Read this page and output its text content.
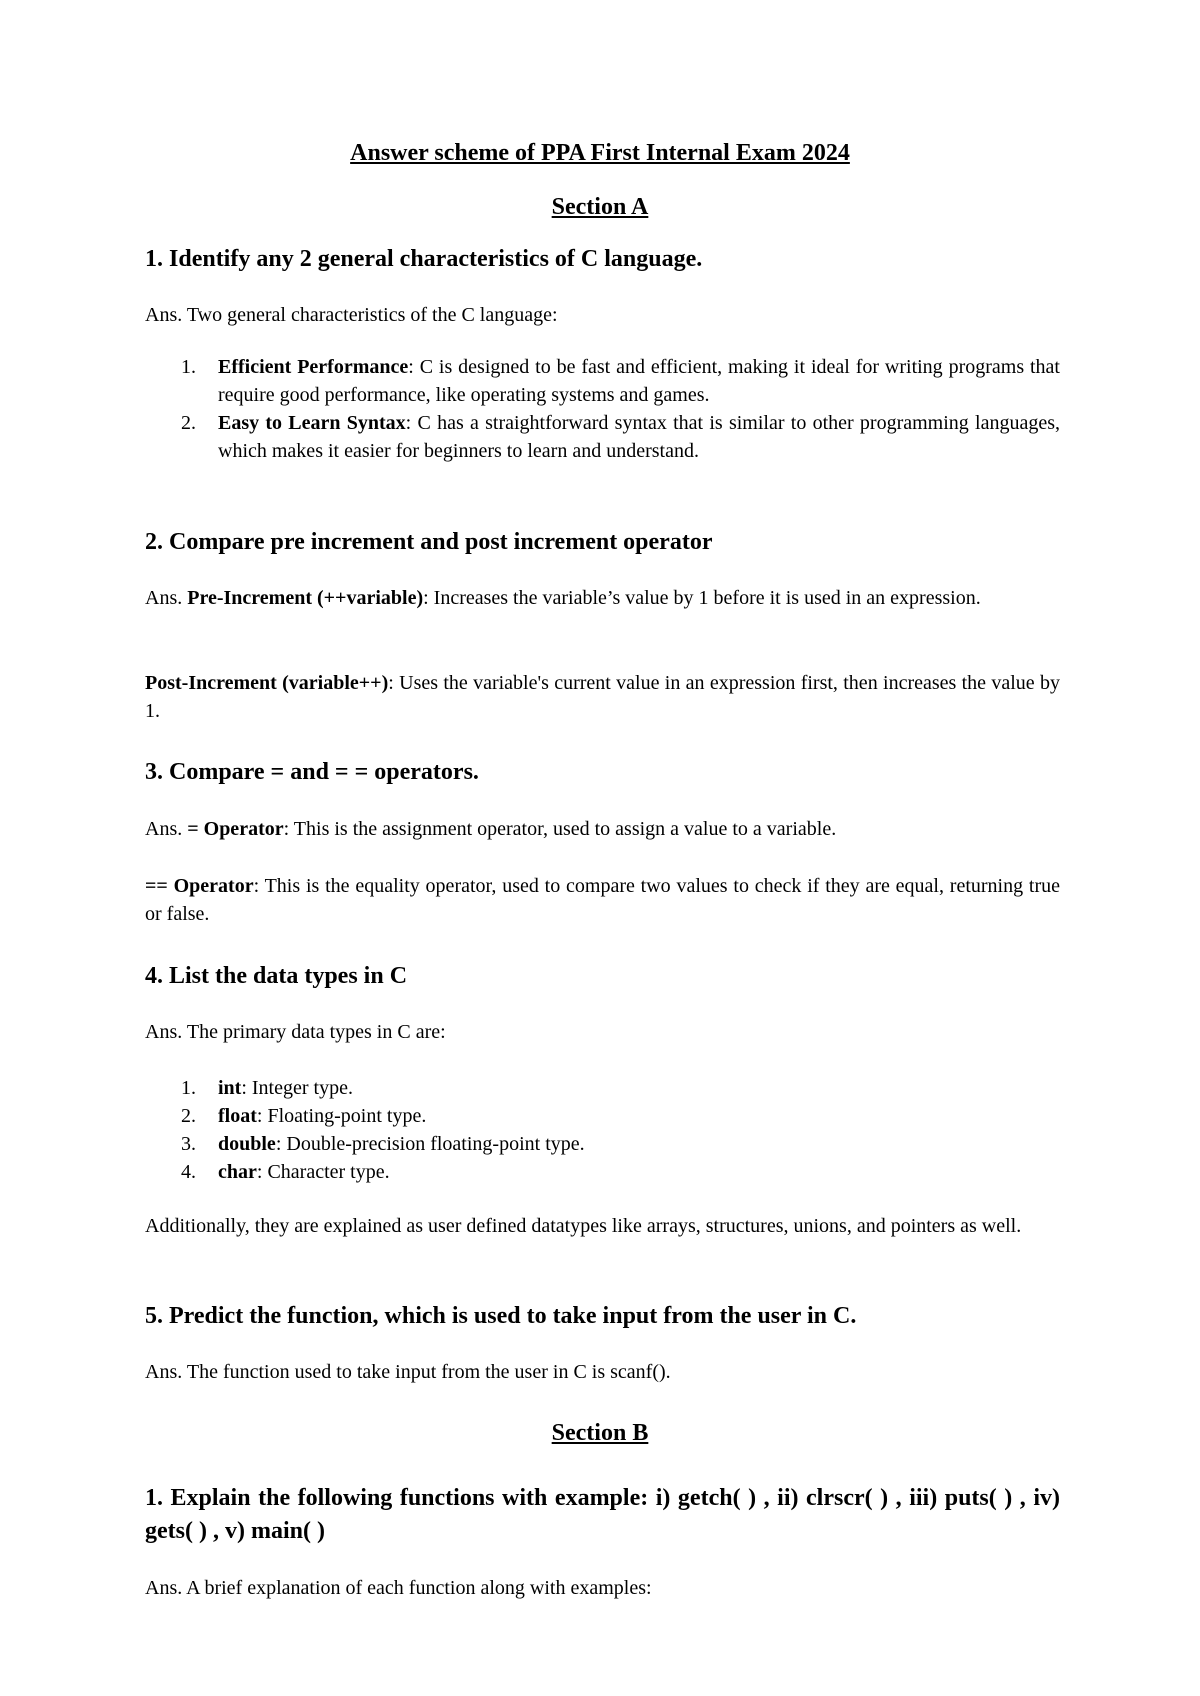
Answer scheme of PPA First Internal Exam 2024
Section A
1. Identify any 2 general characteristics of C language.

Ans. Two general characteristics of the C language:

1. Efficient Performance: C is designed to be fast and efficient, making it ideal for writing programs that require good performance, like operating systems and games.
2. Easy to Learn Syntax: C has a straightforward syntax that is similar to other programming languages, which makes it easier for beginners to learn and understand.
2. Compare pre increment and post increment operator

Ans. Pre-Increment (++variable): Increases the variable’s value by 1 before it is used in an expression.

Post-Increment (variable++): Uses the variable's current value in an expression first, then increases the value by 1.

3. Compare = and = = operators.

Ans. = Operator: This is the assignment operator, used to assign a value to a variable.

== Operator: This is the equality operator, used to compare two values to check if they are equal, returning true or false.

4. List the data types in C

Ans. The primary data types in C are:

1. int: Integer type.
2. float: Floating-point type.
3. double: Double-precision floating-point type.
4. char: Character type.

Additionally, they are explained as user defined datatypes like arrays, structures, unions, and pointers as well.

5. Predict the function, which is used to take input from the user in C.

Ans. The function used to take input from the user in C is scanf().

Section B
1. Explain the following functions with example: i) getch( ) , ii) clrscr( ) , iii) puts( ) , iv) gets( ) , v) main( )

Ans. A brief explanation of each function along with examples:
